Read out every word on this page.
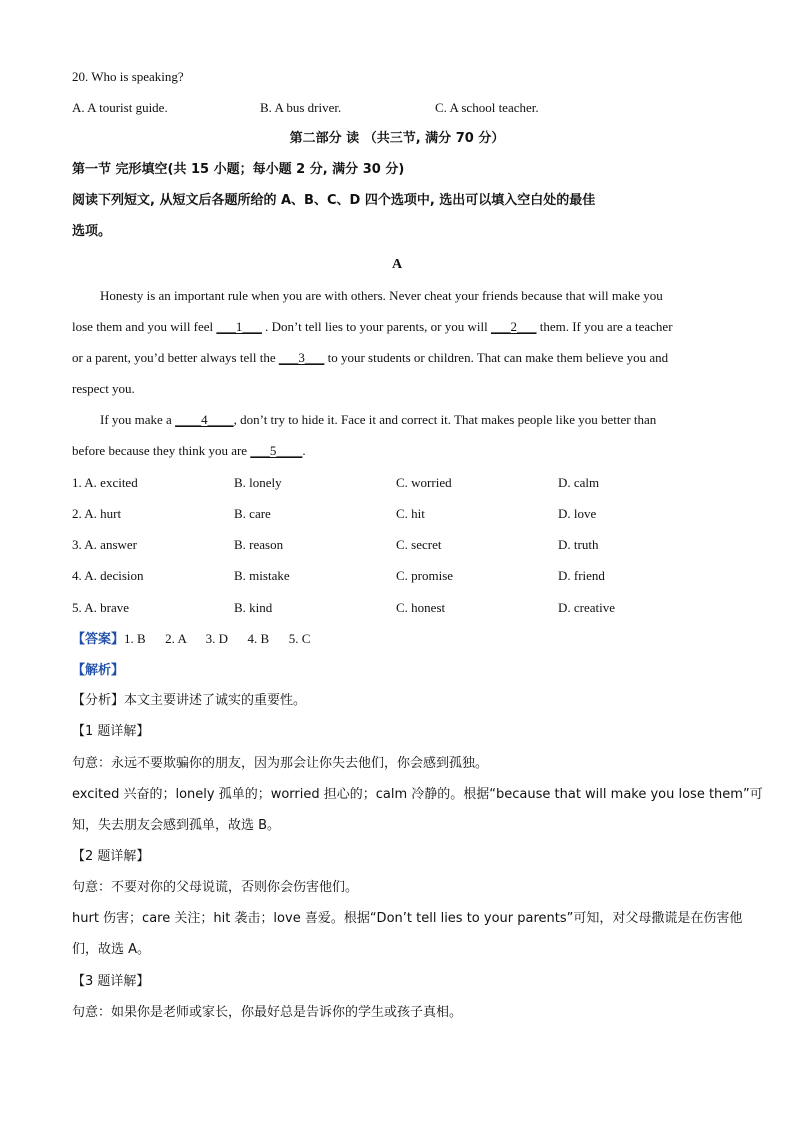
20. Who is speaking?
A. A tourist guide.	B. A bus driver.	C. A school teacher.
第二部分 读 （共三节, 满分 70 分）
第一节 完形填空(共 15 小题；每小题 2 分, 满分 30 分)
阅读下列短文, 从短文后各题所给的 A、B、C、D 四个选项中, 选出可以填入空白处的最佳
选项。
A
Honesty is an important rule when you are with others. Never cheat your friends because that will make you
lose them and you will feel ___1___ . Don’t tell lies to your parents, or you will ___2___ them. If you are a teacher
or a parent, you’d better always tell the ___3___ to your students or children. That can make them believe you and
respect you.
If you make a ____4____, don’t try to hide it. Face it and correct it. That makes people like you better than
before because they think you are ___5____.
1. A. excited	B. lonely	C. worried	D. calm
2. A. hurt	B. care	C. hit	D. love
3. A. answer	B. reason	C. secret	D. truth
4. A. decision	B. mistake	C. promise	D. friend
5. A. brave	B. kind	C. honest	D. creative
【答案】1. B      2. A      3. D      4. B      5. C
【解析】
【分析】本文主要讲述了诚实的重要性。
【1 题详解】
句意：永远不要欺骗你的朋友，因为那会让你失去他们，你会感到孤独。
excited 兴奋的；lonely 孤单的；worried 担心的；calm 冷静的。根据“because that will make you lose them”可
知，失去朋友会感到孤单，故选 B。
【2 题详解】
句意：不要对你的父母说谎，否则你会伤害他们。
hurt 伤害；care 关注；hit 袭击；love 喜爱。根据“Don’t tell lies to your parents”可知，对父母撒谎是在伤害他
们，故选 A。
【3 题详解】
句意：如果你是老师或家长，你最好总是告诉你的学生或孩子真相。
